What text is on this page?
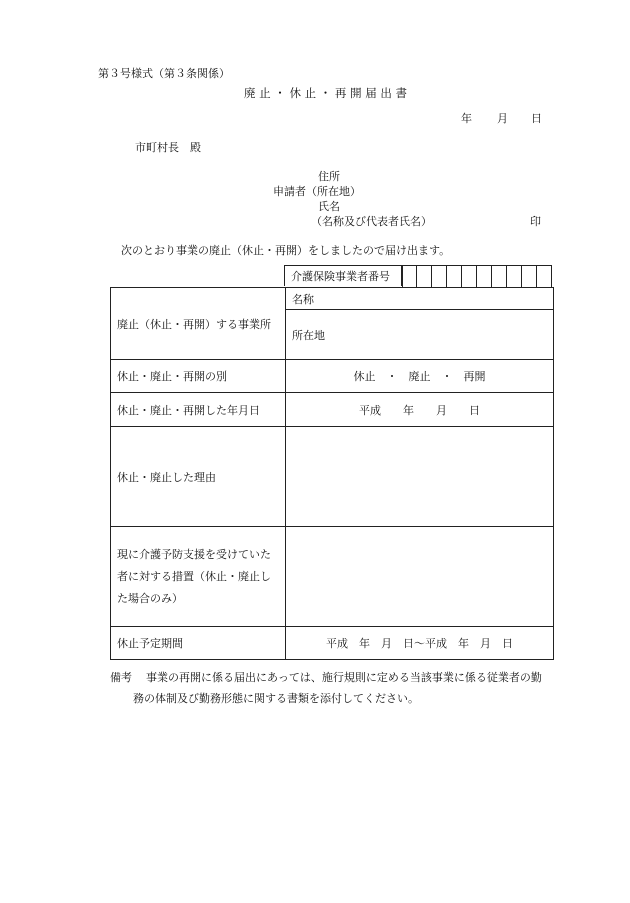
第３号様式（第３条関係）
廃 止 ・ 休 止 ・ 再 開 届 出 書
年 月 日
市町村長　殿
住所
申請者（所在地）
氏名
（名称及び代表者氏名）	印
次のとおり事業の廃止（休止・再開）をしましたので届け出ます。
介護保険事業者番号
廃止（休止・再開）する事業所	名称
	所在地
休止・廃止・再開の別	休止　・　廃止　・　再開
休止・廃止・再開した年月日	平成　　年　　月　　日
休止・廃止した理由	

現に介護予防支援を受けていた
者に対する措置（休止・廃止し
た場合のみ）	

休止予定期間	平成　年　月　日～平成　年　月　日
備考 事業の再開に係る届出にあっては、施行規則に定める当該事業に係る従業者の勤
務の体制及び勤務形態に関する書類を添付してください。
